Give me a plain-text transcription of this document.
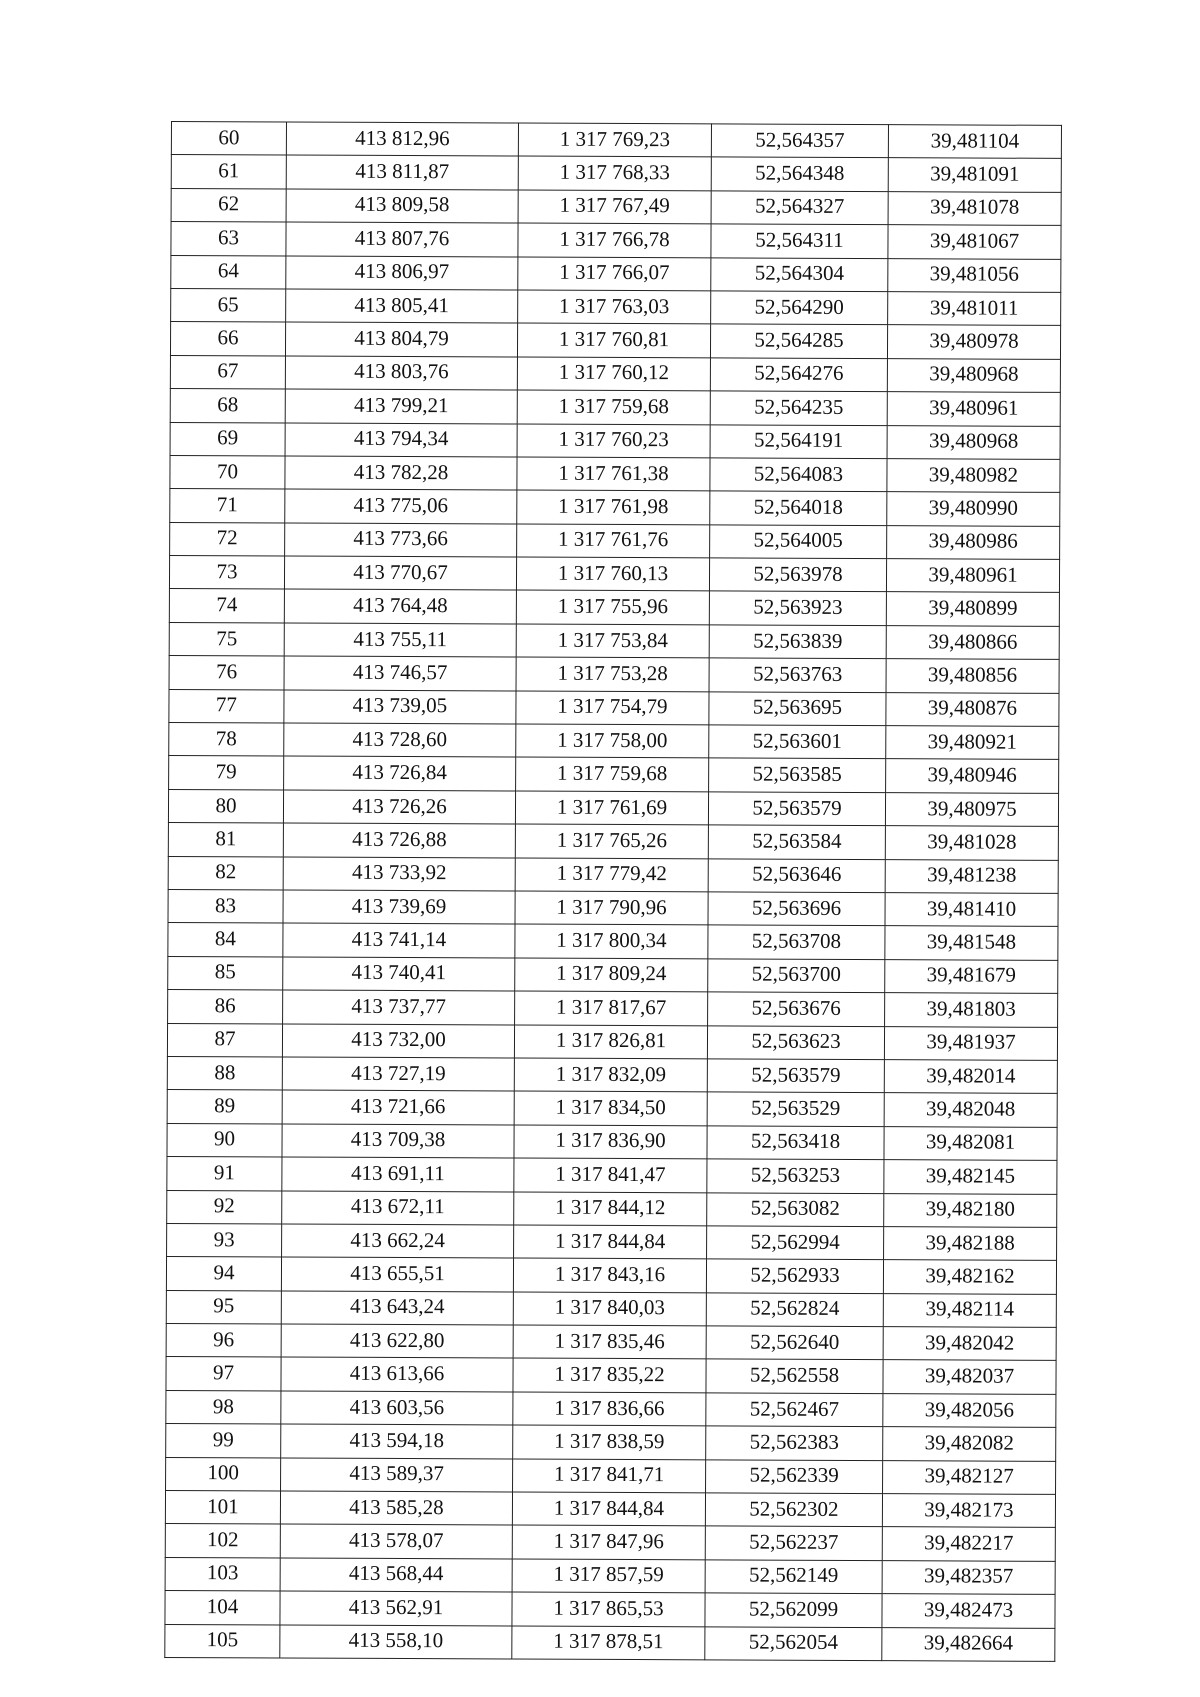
60	413 812,96	1 317 769,23	52,564357	39,481104
61	413 811,87	1 317 768,33	52,564348	39,481091
62	413 809,58	1 317 767,49	52,564327	39,481078
63	413 807,76	1 317 766,78	52,564311	39,481067
64	413 806,97	1 317 766,07	52,564304	39,481056
65	413 805,41	1 317 763,03	52,564290	39,481011
66	413 804,79	1 317 760,81	52,564285	39,480978
67	413 803,76	1 317 760,12	52,564276	39,480968
68	413 799,21	1 317 759,68	52,564235	39,480961
69	413 794,34	1 317 760,23	52,564191	39,480968
70	413 782,28	1 317 761,38	52,564083	39,480982
71	413 775,06	1 317 761,98	52,564018	39,480990
72	413 773,66	1 317 761,76	52,564005	39,480986
73	413 770,67	1 317 760,13	52,563978	39,480961
74	413 764,48	1 317 755,96	52,563923	39,480899
75	413 755,11	1 317 753,84	52,563839	39,480866
76	413 746,57	1 317 753,28	52,563763	39,480856
77	413 739,05	1 317 754,79	52,563695	39,480876
78	413 728,60	1 317 758,00	52,563601	39,480921
79	413 726,84	1 317 759,68	52,563585	39,480946
80	413 726,26	1 317 761,69	52,563579	39,480975
81	413 726,88	1 317 765,26	52,563584	39,481028
82	413 733,92	1 317 779,42	52,563646	39,481238
83	413 739,69	1 317 790,96	52,563696	39,481410
84	413 741,14	1 317 800,34	52,563708	39,481548
85	413 740,41	1 317 809,24	52,563700	39,481679
86	413 737,77	1 317 817,67	52,563676	39,481803
87	413 732,00	1 317 826,81	52,563623	39,481937
88	413 727,19	1 317 832,09	52,563579	39,482014
89	413 721,66	1 317 834,50	52,563529	39,482048
90	413 709,38	1 317 836,90	52,563418	39,482081
91	413 691,11	1 317 841,47	52,563253	39,482145
92	413 672,11	1 317 844,12	52,563082	39,482180
93	413 662,24	1 317 844,84	52,562994	39,482188
94	413 655,51	1 317 843,16	52,562933	39,482162
95	413 643,24	1 317 840,03	52,562824	39,482114
96	413 622,80	1 317 835,46	52,562640	39,482042
97	413 613,66	1 317 835,22	52,562558	39,482037
98	413 603,56	1 317 836,66	52,562467	39,482056
99	413 594,18	1 317 838,59	52,562383	39,482082
100	413 589,37	1 317 841,71	52,562339	39,482127
101	413 585,28	1 317 844,84	52,562302	39,482173
102	413 578,07	1 317 847,96	52,562237	39,482217
103	413 568,44	1 317 857,59	52,562149	39,482357
104	413 562,91	1 317 865,53	52,562099	39,482473
105	413 558,10	1 317 878,51	52,562054	39,482664
